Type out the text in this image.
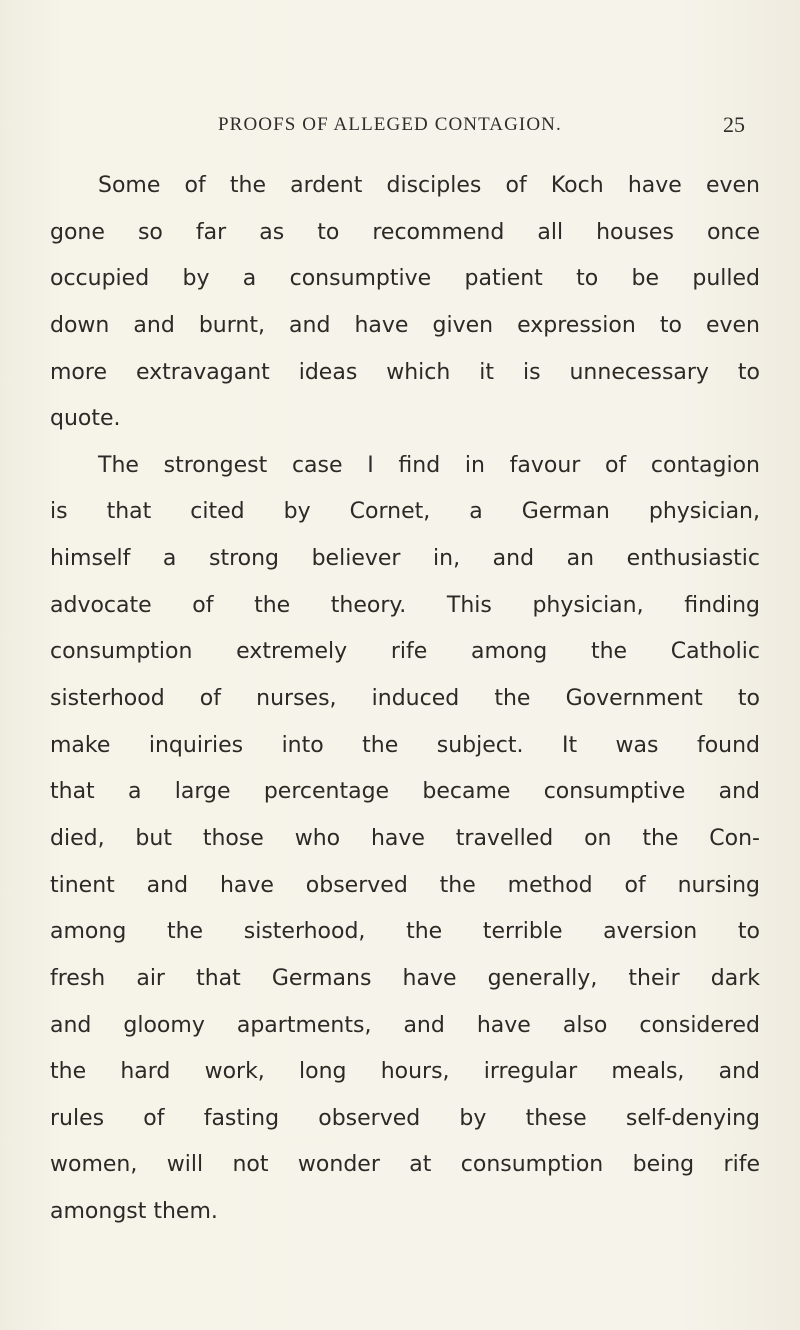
PROOFS OF ALLEGED CONTAGION.	25
Some of the ardent disciples of Koch have even
gone so far as to recommend all houses once
occupied by a consumptive patient to be pulled
down and burnt, and have given expression to even
more extravagant ideas which it is unnecessary to
quote.
The strongest case I find in favour of contagion
is that cited by Cornet, a German physician,
himself a strong believer in, and an enthusiastic
advocate of the theory. This physician, finding
consumption extremely rife among the Catholic
sisterhood of nurses, induced the Government to
make inquiries into the subject. It was found
that a large percentage became consumptive and
died, but those who have travelled on the Con-
tinent and have observed the method of nursing
among the sisterhood, the terrible aversion to
fresh air that Germans have generally, their dark
and gloomy apartments, and have also considered
the hard work, long hours, irregular meals, and
rules of fasting observed by these self-denying
women, will not wonder at consumption being rife
amongst them.
